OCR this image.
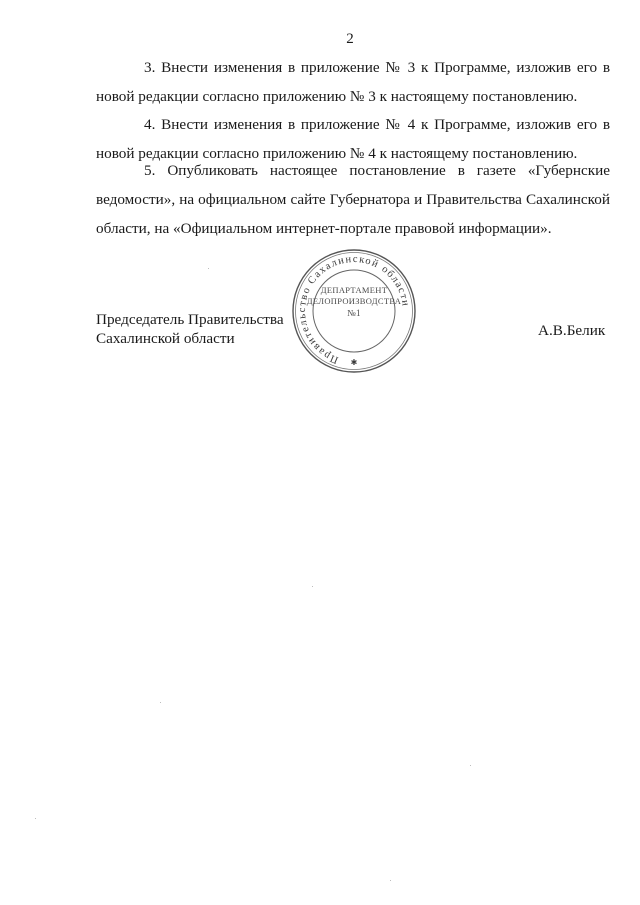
2

3. Внести изменения в приложение № 3 к Программе, изложив его в новой редакции согласно приложению № 3 к настоящему постановлению.

4. Внести изменения в приложение № 4 к Программе, изложив его в новой редакции согласно приложению № 4 к настоящему постановлению.

5. Опубликовать настоящее постановление в газете «Губернские ведомости», на официальном сайте Губернатора и Правительства Сахалинской области, на «Официальном интернет-портале правовой информации».

Председатель Правительства
Сахалинской области
Правительство Сахалинской области
✱
ДЕПАРТАМЕНТ
ДЕЛОПРОИЗВОДСТВА
№1
А.В.Белик
